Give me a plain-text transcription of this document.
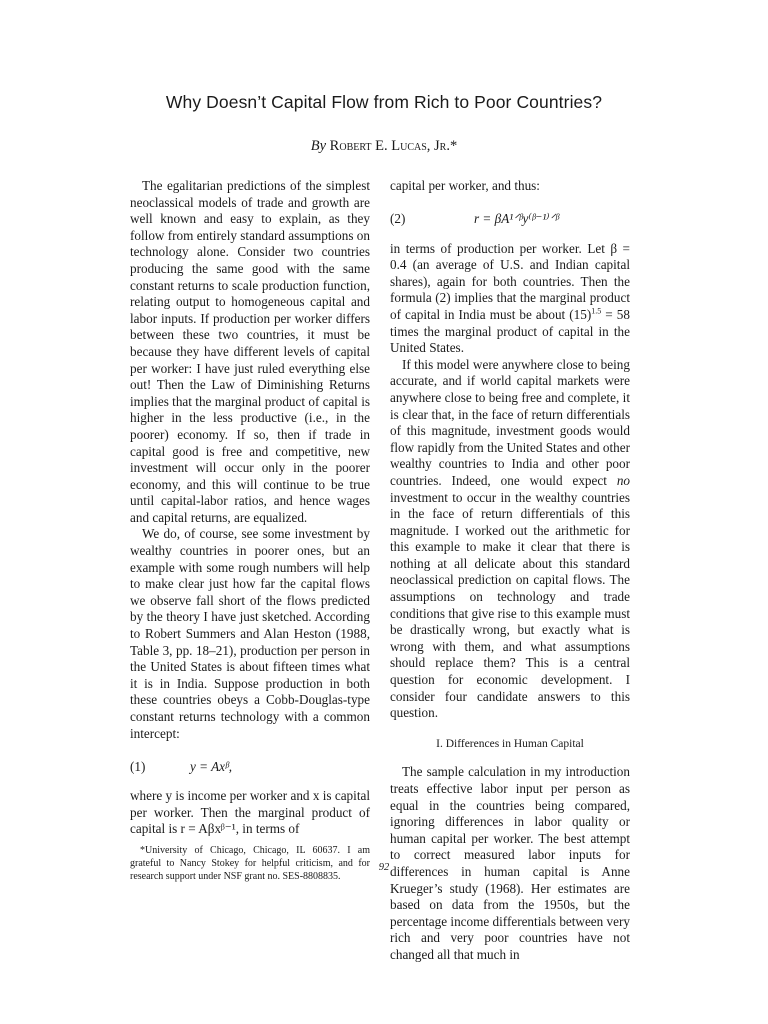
Why Doesn’t Capital Flow from Rich to Poor Countries?
By Robert E. Lucas, Jr.*

The egalitarian predictions of the simplest neoclassical models of trade and growth are well known and easy to explain, as they follow from entirely standard assumptions on technology alone. Consider two countries producing the same good with the same constant returns to scale production function, relating output to homogeneous capital and labor inputs. If production per worker differs between these two countries, it must be because they have different levels of capital per worker: I have just ruled everything else out! Then the Law of Diminishing Returns implies that the marginal product of capital is higher in the less productive (i.e., in the poorer) economy. If so, then if trade in capital good is free and competitive, new investment will occur only in the poorer economy, and this will continue to be true until capital-labor ratios, and hence wages and capital returns, are equalized.

We do, of course, see some investment by wealthy countries in poorer ones, but an example with some rough numbers will help to make clear just how far the capital flows we observe fall short of the flows predicted by the theory I have just sketched. According to Robert Summers and Alan Heston (1988, Table 3, pp. 18–21), production per person in the United States is about fifteen times what it is in India. Suppose production in both these countries obeys a Cobb-Douglas-type constant returns technology with a common intercept:

(1)	y = Axᵝ,

where y is income per worker and x is capital per worker. Then the marginal product of capital is r = Aβxᵝ⁻¹, in terms of

capital per worker, and thus:

(2)	r = βA¹ᐟᵝy⁽ᵝ⁻¹⁾ᐟᵝ

in terms of production per worker. Let β = 0.4 (an average of U.S. and Indian capital shares), again for both countries. Then the formula (2) implies that the marginal product of capital in India must be about $(15)^{1.5} = 58$ times the marginal product of capital in the United States.

If this model were anywhere close to being accurate, and if world capital markets were anywhere close to being free and complete, it is clear that, in the face of return differentials of this magnitude, investment goods would flow rapidly from the United States and other wealthy countries to India and other poor countries. Indeed, one would expect no investment to occur in the wealthy countries in the face of return differentials of this magnitude. I worked out the arithmetic for this example to make it clear that there is nothing at all delicate about this standard neoclassical prediction on capital flows. The assumptions on technology and trade conditions that give rise to this example must be drastically wrong, but exactly what is wrong with them, and what assumptions should replace them? This is a central question for economic development. I consider four candidate answers to this question.

I. Differences in Human Capital

The sample calculation in my introduction treats effective labor input per person as equal in the countries being compared, ignoring differences in labor quality or human capital per worker. The best attempt to correct measured labor inputs for differences in human capital is Anne Krueger’s study (1968). Her estimates are based on data from the 1950s, but the percentage income differentials between very rich and very poor countries have not changed all that much in

*University of Chicago, Chicago, IL 60637. I am grateful to Nancy Stokey for helpful criticism, and for research support under NSF grant no. SES-8808835.
92
